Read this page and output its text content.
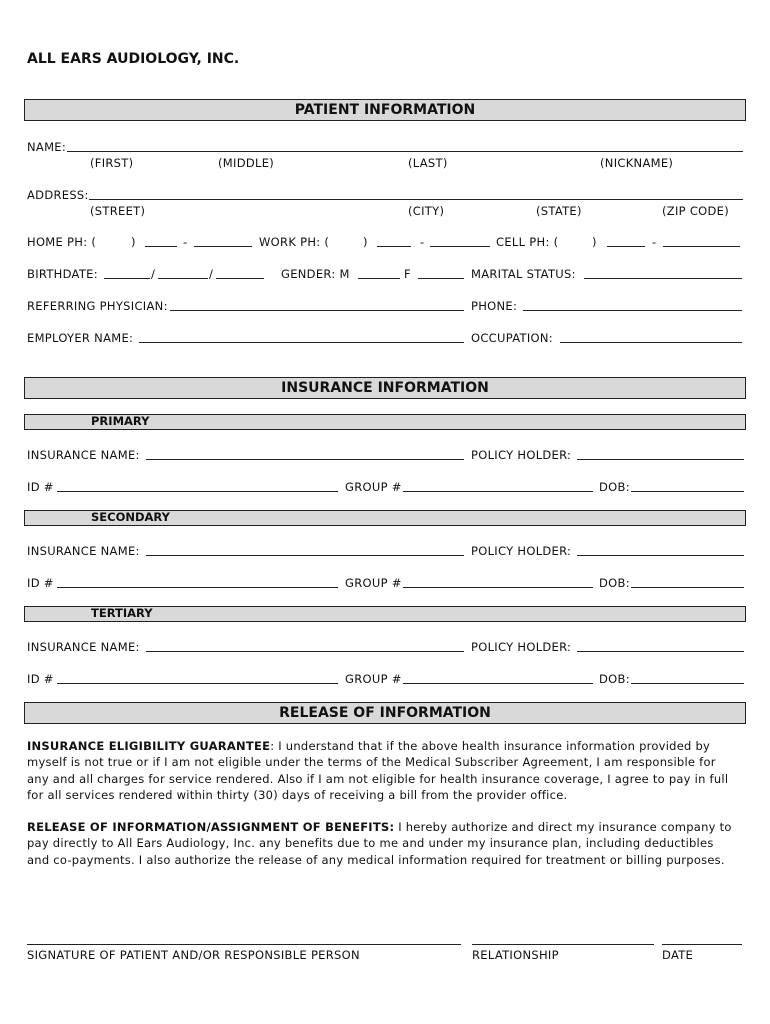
ALL EARS AUDIOLOGY, INC.
PATIENT INFORMATION
NAME:
(FIRST)	(MIDDLE)	(LAST)	(NICKNAME)
ADDRESS:
(STREET)	(CITY)	(STATE)	(ZIP CODE)
HOME PH: (	)	-	WORK PH: (	)	-	CELL PH: (	)	-
BIRTHDATE:	/	/	GENDER: M	F	MARITAL STATUS:
REFERRING PHYSICIAN:	PHONE:
EMPLOYER NAME:	OCCUPATION:
INSURANCE INFORMATION
PRIMARY
INSURANCE NAME:	POLICY HOLDER:
ID #	GROUP #	DOB:
SECONDARY
INSURANCE NAME:	POLICY HOLDER:
ID #	GROUP #	DOB:
TERTIARY
INSURANCE NAME:	POLICY HOLDER:
ID #	GROUP #	DOB:
RELEASE OF INFORMATION
INSURANCE ELIGIBILITY GUARANTEE: I understand that if the above health insurance information provided by myself is not true or if I am not eligible under the terms of the Medical Subscriber Agreement, I am responsible for any and all charges for service rendered. Also if I am not eligible for health insurance coverage, I agree to pay in full for all services rendered within thirty (30) days of receiving a bill from the provider office.
RELEASE OF INFORMATION/ASSIGNMENT OF BENEFITS: I hereby authorize and direct my insurance company to pay directly to All Ears Audiology, Inc. any benefits due to me and under my insurance plan, including deductibles and co-payments. I also authorize the release of any medical information required for treatment or billing purposes.
SIGNATURE OF PATIENT AND/OR RESPONSIBLE PERSON	RELATIONSHIP	DATE
